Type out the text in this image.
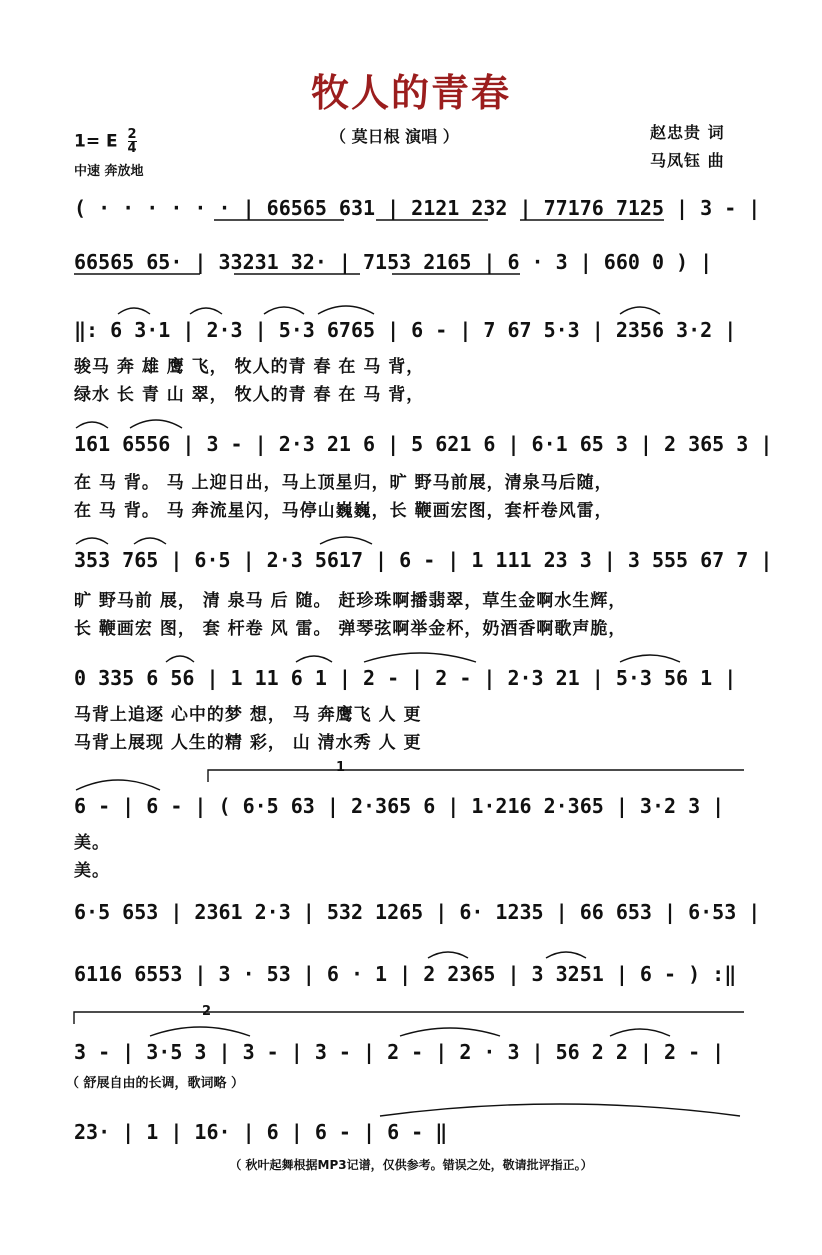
牧人的青春
1= E $\frac{2}{4}$
中速 奔放地
（ 莫日根 演唱 ）	赵忠贵 词
马凤钰 曲
( · · · · · · | 66565 631 | 2121 232 | 77176 7125 | 3 - |
66565 65· | 33231 32· | 7153 2165 | 6 · 3 | 660 0 ) |
‖: 6 3·1 | 2·3 | 5·3 6765 | 6 - | 7 67 5·3 | 2356 3·2 |
骏马 奔 雄 鹰 飞， 牧人的青 春 在 马 背，
绿水 长 青 山 翠， 牧人的青 春 在 马 背，
161 6556 | 3 - | 2·3 21 6 | 5 621 6 | 6·1 65 3 | 2 365 3 |
在 马 背。 马 上迎日出，马上顶星归，旷 野马前展，清泉马后随，
在 马 背。 马 奔流星闪，马停山巍巍，长 鞭画宏图，套杆卷风雷，
353 765 | 6·5 | 2·3 5617 | 6 - | 1 111 23 3 | 3 555 67 7 |
旷 野马前 展， 清 泉马 后 随。 赶珍珠啊播翡翠，草生金啊水生辉，
长 鞭画宏 图， 套 杆卷 风 雷。 弹琴弦啊举金杯，奶酒香啊歌声脆，
0 335 6 56 | 1 11 6 1 | 2 - | 2 - | 2·3 21 | 5·3 56 1 |
马背上追逐 心中的梦 想， 马 奔鹰飞 人 更
马背上展现 人生的精 彩， 山 清水秀 人 更
1
6 - | 6 - | ( 6·5 63 | 2·365 6 | 1·216 2·365 | 3·2 3 |
美。
美。
6·5 653 | 2361 2·3 | 532 1265 | 6· 1235 | 66 653 | 6·53 |
6116 6553 | 3 · 53 | 6 · 1 | 2 2365 | 3 3251 | 6 - ) :‖
2
3 - | 3·5 3 | 3 - | 3 - | 2 - | 2 · 3 | 56 2 2 | 2 - |
（ 舒展自由的长调，歌词略 ）
23· | 1 | 16· | 6 | 6 - | 6 - ‖
（ 秋叶起舞根据MP3记谱，仅供参考。错误之处，敬请批评指正。）
